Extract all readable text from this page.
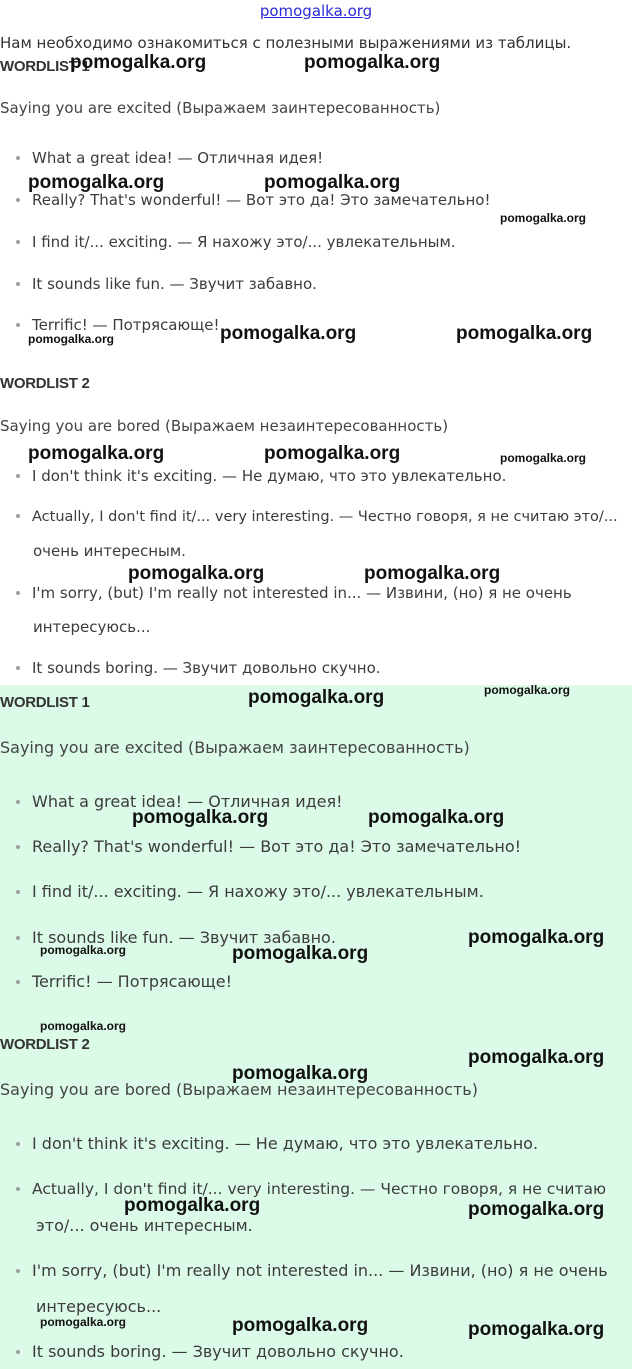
pomogalka.org
Нам необходимо ознакомиться с полезными выражениями из таблицы.
WORDLIST 1
Saying you are excited (Выражаем заинтересованность)
What a great idea! — Отличная идея!
Really? That's wonderful! — Вот это да! Это замечательно!
I find it/... exciting. — Я нахожу это/... увлекательным.
It sounds like fun. — Звучит забавно.
Terrific! — Потрясающе!
WORDLIST 2
Saying you are bored (Выражаем незаинтересованность)
I don't think it's exciting. — Не думаю, что это увлекательно.
Actually, I don't find it/... very interesting. — Честно говоря, я не считаю это/...
очень интересным.
I'm sorry, (but) I'm really not interested in... — Извини, (но) я не очень
интересуюсь...
It sounds boring. — Звучит довольно скучно.
WORDLIST 1
Saying you are excited (Выражаем заинтересованность)
What a great idea! — Отличная идея!
Really? That's wonderful! — Вот это да! Это замечательно!
I find it/... exciting. — Я нахожу это/... увлекательным.
It sounds like fun. — Звучит забавно.
Terrific! — Потрясающе!
WORDLIST 2
Saying you are bored (Выражаем незаинтересованность)
I don't think it's exciting. — Не думаю, что это увлекательно.
Actually, I don't find it/... very interesting. — Честно говоря, я не считаю
это/... очень интересным.
I'm sorry, (but) I'm really not interested in... — Извини, (но) я не очень
интересуюсь...
It sounds boring. — Звучит довольно скучно.
pomogalka.org	pomogalka.org
pomogalka.org	pomogalka.org
pomogalka.org
pomogalka.org	pomogalka.org	pomogalka.org
pomogalka.org	pomogalka.org	pomogalka.org
pomogalka.org	pomogalka.org
pomogalka.org
pomogalka.org
pomogalka.org	pomogalka.org
pomogalka.org
pomogalka.org	pomogalka.org
pomogalka.org
pomogalka.org
pomogalka.org
pomogalka.org	pomogalka.org
pomogalka.org	pomogalka.org	pomogalka.org
